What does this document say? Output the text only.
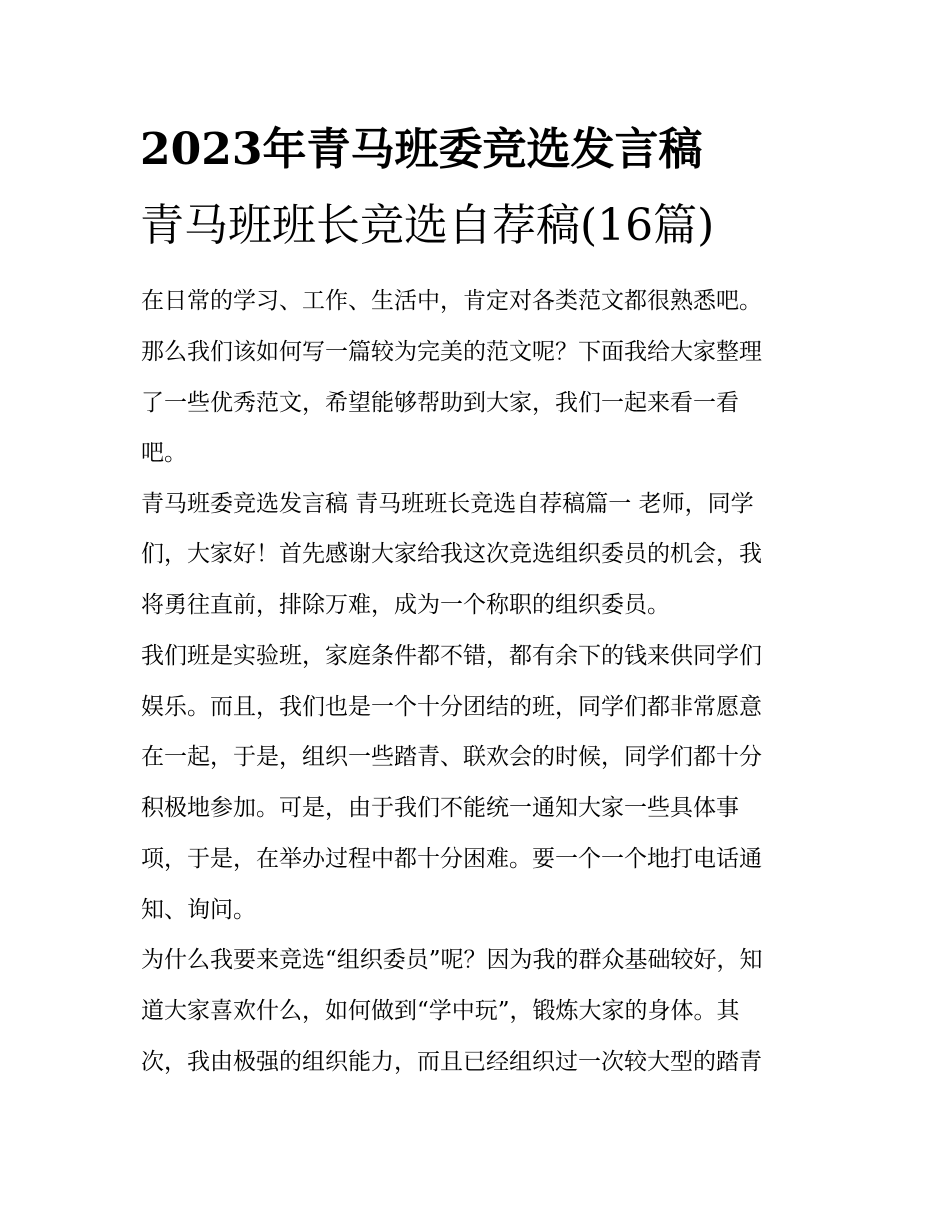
2023年青马班委竞选发言稿
青马班班长竞选自荐稿(16篇)

在日常的学习、工作、生活中，肯定对各类范文都很熟悉吧。

那么我们该如何写一篇较为完美的范文呢？下面我给大家整理

了一些优秀范文，希望能够帮助到大家，我们一起来看一看

吧。

青马班委竞选发言稿 青马班班长竞选自荐稿篇一 老师，同学

们，大家好！首先感谢大家给我这次竞选组织委员的机会，我

将勇往直前，排除万难，成为一个称职的组织委员。

我们班是实验班，家庭条件都不错，都有余下的钱来供同学们

娱乐。而且，我们也是一个十分团结的班，同学们都非常愿意

在一起，于是，组织一些踏青、联欢会的时候，同学们都十分

积极地参加。可是，由于我们不能统一通知大家一些具体事

项，于是，在举办过程中都十分困难。要一个一个地打电话通

知、询问。

为什么我要来竞选“组织委员”呢？因为我的群众基础较好，知

道大家喜欢什么，如何做到“学中玩”，锻炼大家的身体。其

次，我由极强的组织能力，而且已经组织过一次较大型的踏青
